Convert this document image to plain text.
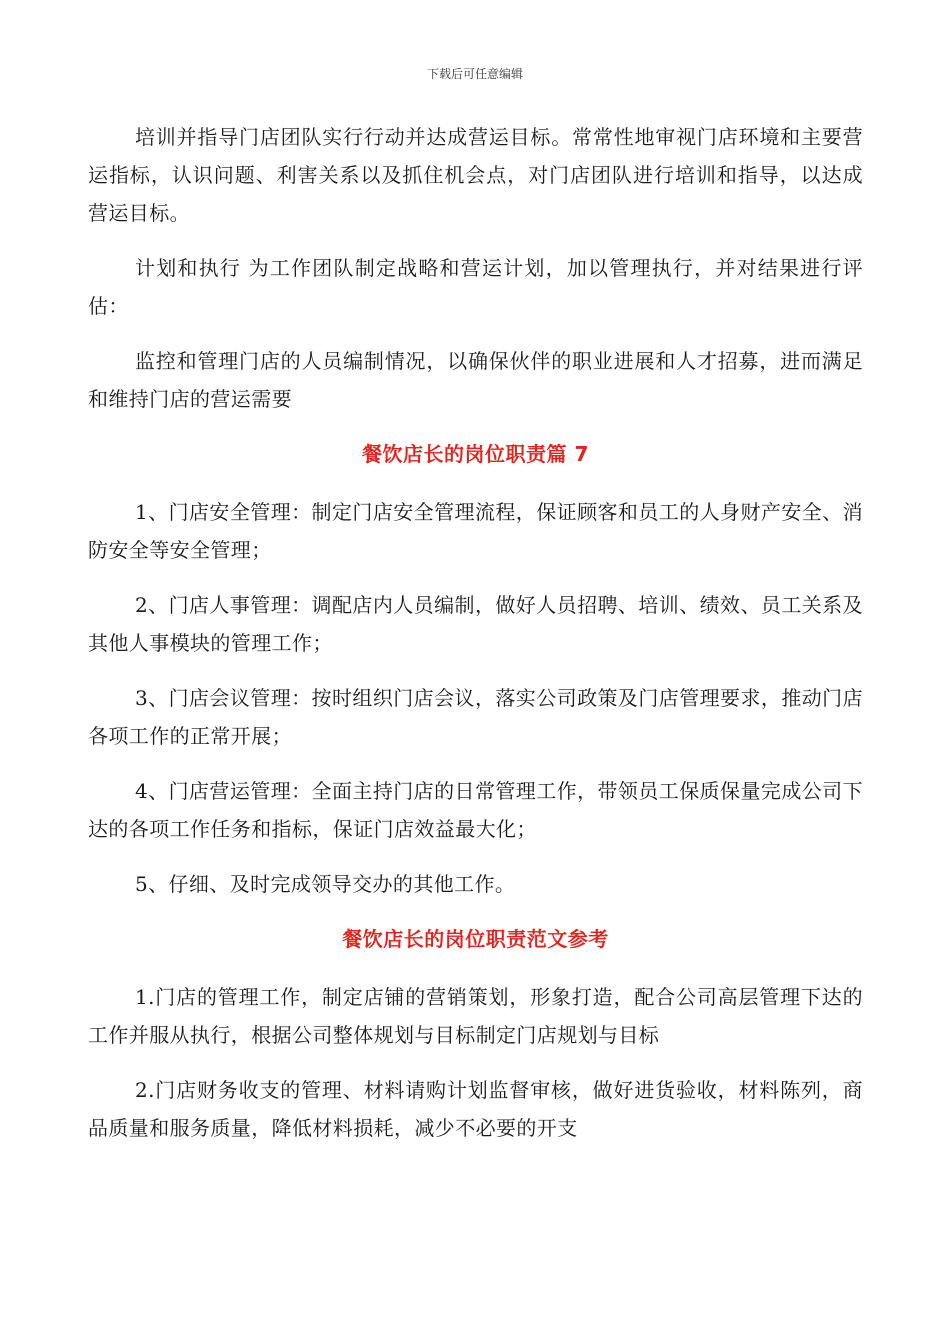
下载后可任意编辑

培训并指导门店团队实行行动并达成营运目标。常常性地审视门店环境和主要营运指标，认识问题、利害关系以及抓住机会点，对门店团队进行培训和指导，以达成营运目标。

计划和执行 为工作团队制定战略和营运计划，加以管理执行，并对结果进行评估：

监控和管理门店的人员编制情况，以确保伙伴的职业进展和人才招募，进而满足和维持门店的营运需要

餐饮店长的岗位职责篇 7

1、门店安全管理：制定门店安全管理流程，保证顾客和员工的人身财产安全、消防安全等安全管理；

2、门店人事管理：调配店内人员编制，做好人员招聘、培训、绩效、员工关系及其他人事模块的管理工作；

3、门店会议管理：按时组织门店会议，落实公司政策及门店管理要求，推动门店各项工作的正常开展；

4、门店营运管理：全面主持门店的日常管理工作，带领员工保质保量完成公司下达的各项工作任务和指标，保证门店效益最大化；

5、仔细、及时完成领导交办的其他工作。

餐饮店长的岗位职责范文参考

1.门店的管理工作，制定店铺的营销策划，形象打造，配合公司高层管理下达的工作并服从执行，根据公司整体规划与目标制定门店规划与目标

2.门店财务收支的管理、材料请购计划监督审核，做好进货验收，材料陈列，商品质量和服务质量，降低材料损耗，减少不必要的开支
